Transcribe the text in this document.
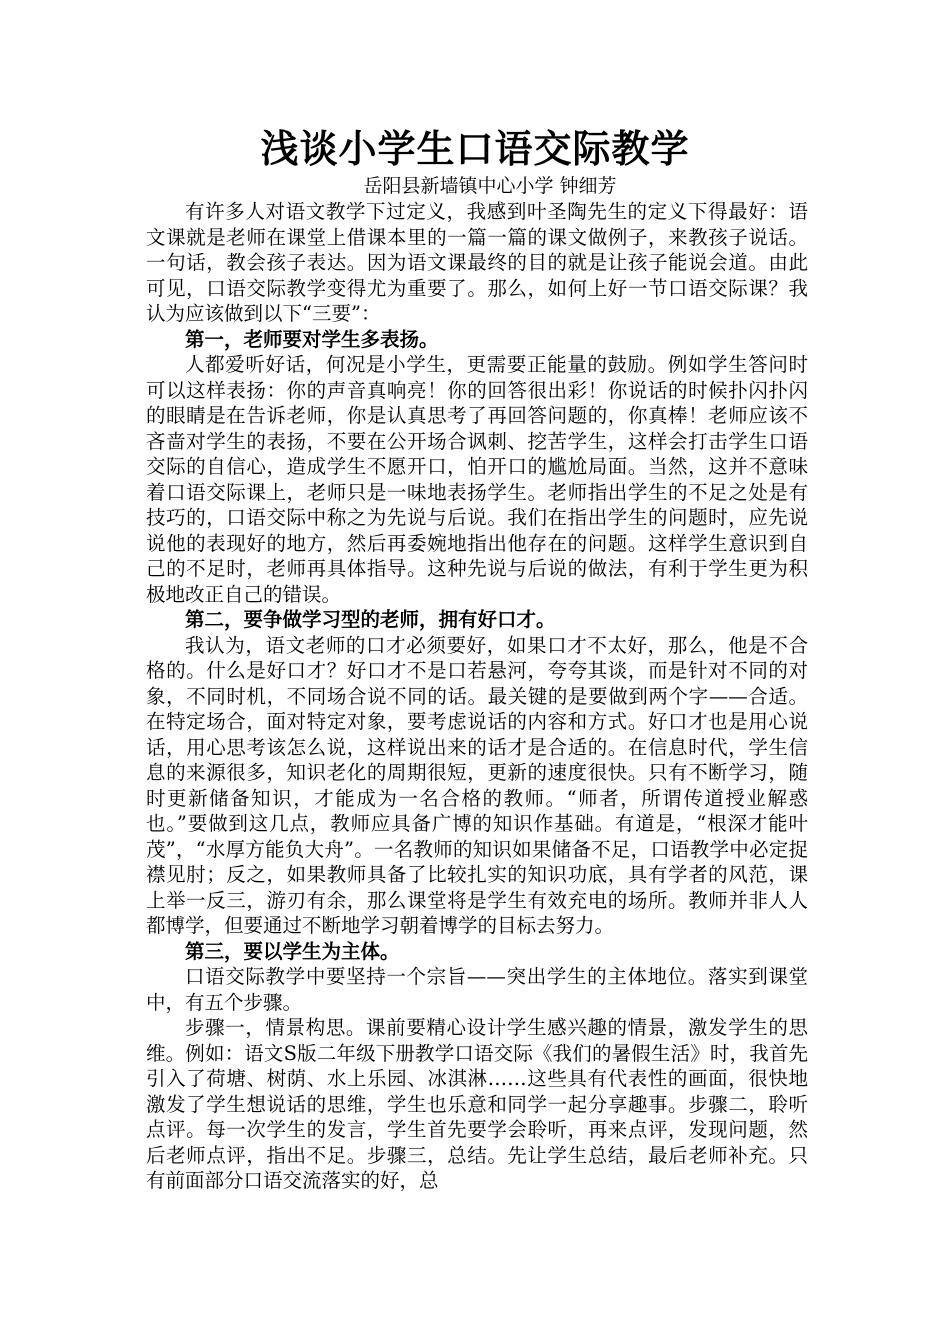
浅谈小学生口语交际教学
岳阳县新墙镇中心小学 钟细芳

有许多人对语文教学下过定义，我感到叶圣陶先生的定义下得最好：语文课就是老师在课堂上借课本里的一篇一篇的课文做例子，来教孩子说话。一句话，教会孩子表达。因为语文课最终的目的就是让孩子能说会道。由此可见，口语交际教学变得尤为重要了。那么，如何上好一节口语交际课？我认为应该做到以下“三要”：

第一，老师要对学生多表扬。

人都爱听好话，何况是小学生，更需要正能量的鼓励。例如学生答问时可以这样表扬：你的声音真响亮！你的回答很出彩！你说话的时候扑闪扑闪的眼睛是在告诉老师，你是认真思考了再回答问题的，你真棒！老师应该不吝啬对学生的表扬，不要在公开场合讽刺、挖苦学生，这样会打击学生口语交际的自信心，造成学生不愿开口，怕开口的尴尬局面。当然，这并不意味着口语交际课上，老师只是一味地表扬学生。老师指出学生的不足之处是有技巧的，口语交际中称之为先说与后说。我们在指出学生的问题时，应先说说他的表现好的地方，然后再委婉地指出他存在的问题。这样学生意识到自己的不足时，老师再具体指导。这种先说与后说的做法，有利于学生更为积极地改正自己的错误。

第二，要争做学习型的老师，拥有好口才。

我认为，语文老师的口才必须要好，如果口才不太好，那么，他是不合格的。什么是好口才？好口才不是口若悬河，夸夸其谈，而是针对不同的对象，不同时机，不同场合说不同的话。最关键的是要做到两个字——合适。在特定场合，面对特定对象，要考虑说话的内容和方式。好口才也是用心说话，用心思考该怎么说，这样说出来的话才是合适的。在信息时代，学生信息的来源很多，知识老化的周期很短，更新的速度很快。只有不断学习，随时更新储备知识，才能成为一名合格的教师。“师者，所谓传道授业解惑也。”要做到这几点，教师应具备广博的知识作基础。有道是，“根深才能叶茂”，“水厚方能负大舟”。一名教师的知识如果储备不足，口语教学中必定捉襟见肘；反之，如果教师具备了比较扎实的知识功底，具有学者的风范，课上举一反三，游刃有余，那么课堂将是学生有效充电的场所。教师并非人人都博学，但要通过不断地学习朝着博学的目标去努力。

第三，要以学生为主体。

口语交际教学中要坚持一个宗旨——突出学生的主体地位。落实到课堂中，有五个步骤。

步骤一，情景构思。课前要精心设计学生感兴趣的情景，激发学生的思维。例如：语文S版二年级下册教学口语交际《我们的暑假生活》时，我首先引入了荷塘、树荫、水上乐园、冰淇淋……这些具有代表性的画面，很快地激发了学生想说话的思维，学生也乐意和同学一起分享趣事。步骤二，聆听点评。每一次学生的发言，学生首先要学会聆听，再来点评，发现问题，然后老师点评，指出不足。步骤三，总结。先让学生总结，最后老师补充。只有前面部分口语交流落实的好，总
